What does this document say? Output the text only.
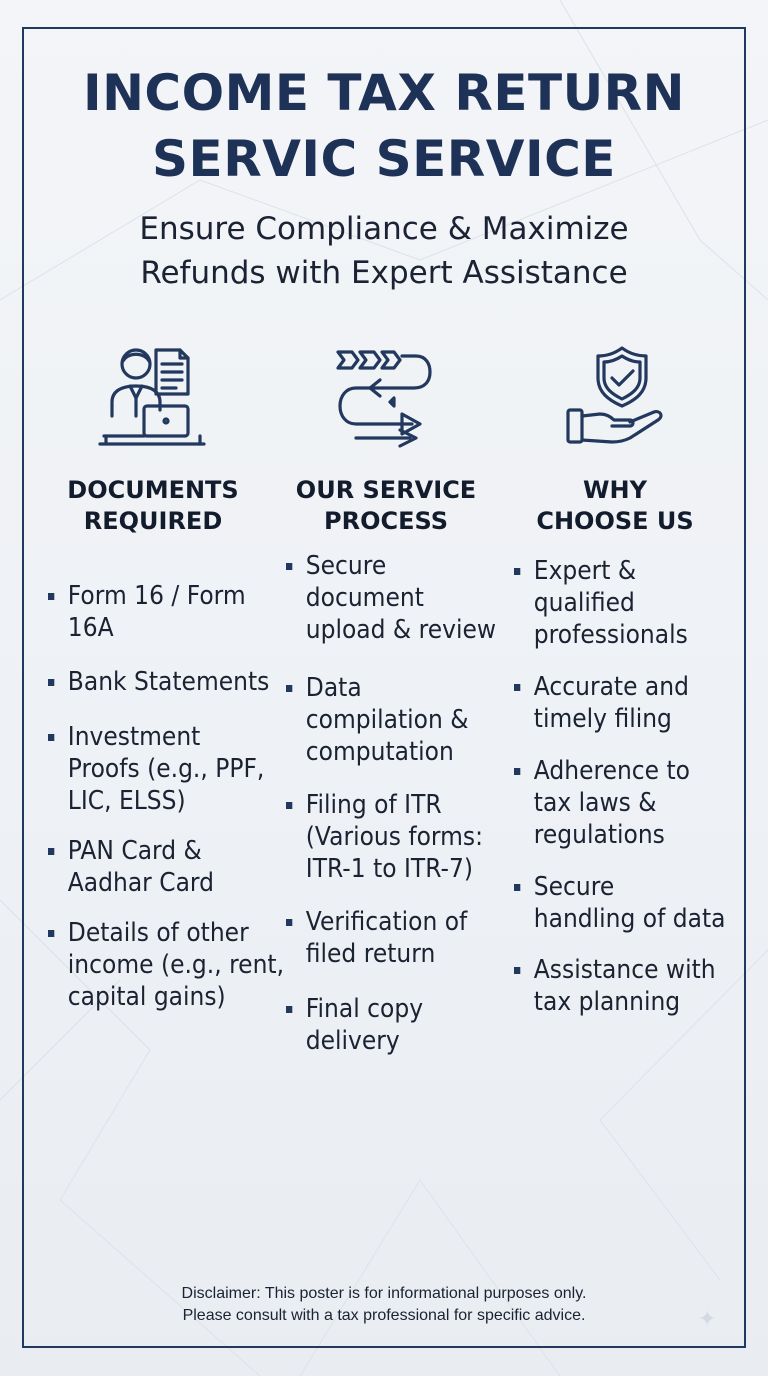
INCOME TAX RETURN
SERVIC SERVICE
Ensure Compliance & Maximize
Refunds with Expert Assistance
DOCUMENTS
REQUIRED
OUR SERVICE
PROCESS
WHY
CHOOSE US
Form 16 / Form
16A
Bank Statements
Investment
Proofs (e.g., PPF,
LIC, ELSS)
PAN Card &
Aadhar Card
Details of other
income (e.g., rent,
capital gains)
Secure
document
upload & review
Data
compilation &
computation
Filing of ITR
(Various forms:
ITR-1 to ITR-7)
Verification of
filed return
Final copy
delivery
Expert &
qualified
professionals
Accurate and
timely filing
Adherence to
tax laws &
regulations
Secure
handling of data
Assistance with
tax planning
Disclaimer: This poster is for informational purposes only.
Please consult with a tax professional for specific advice.	✦
